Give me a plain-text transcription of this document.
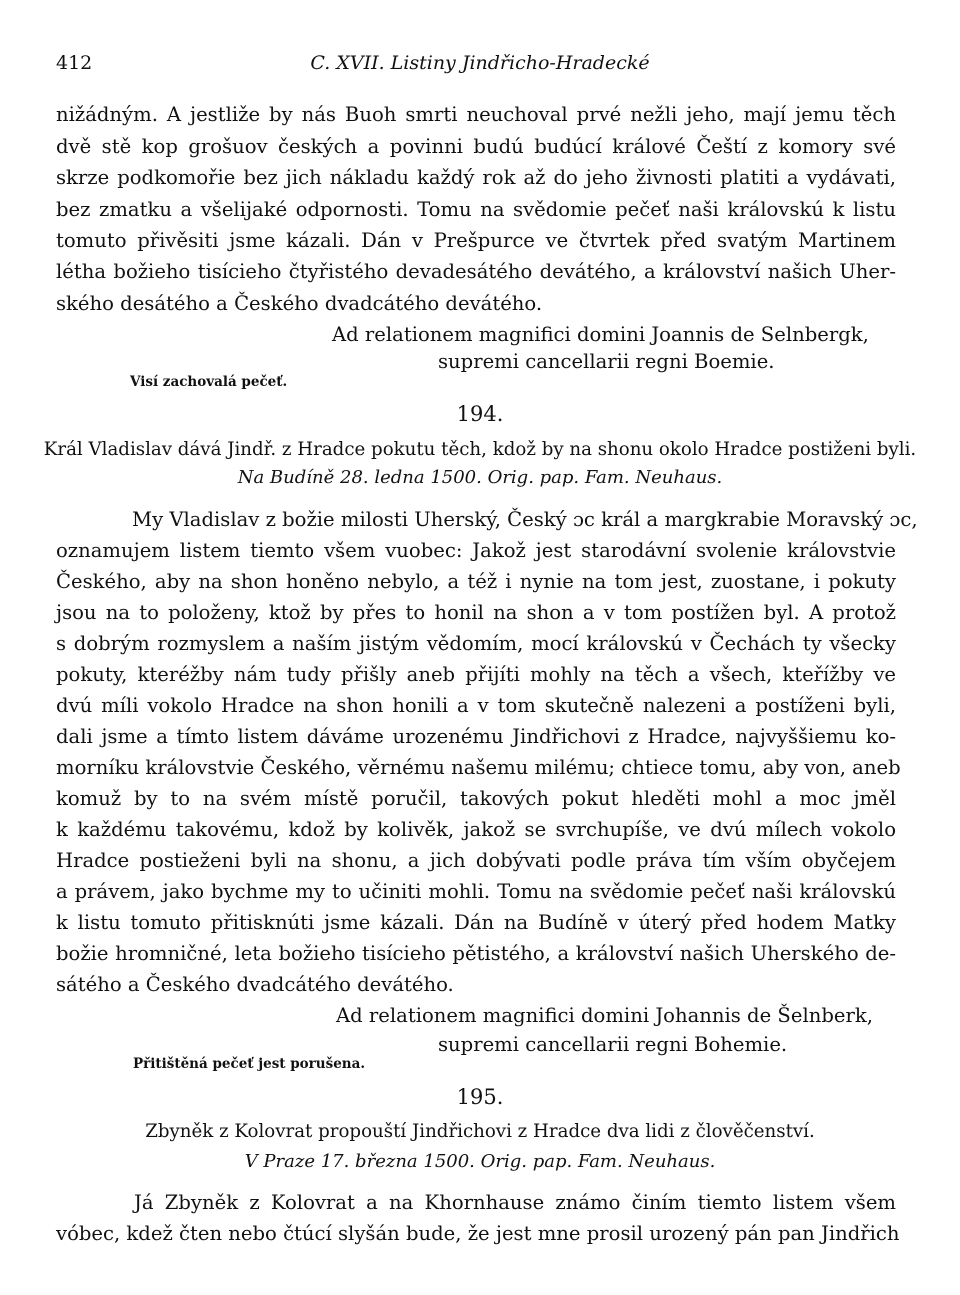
412	C. XVII. Listiny Jindřicho-Hradecké
nižádným. A jestliže by nás Buoh smrti neuchoval prvé nežli jeho, mají jemu těch
dvě stě kop grošuov českých a povinni budú budúcí králové Čeští z komory své
skrze podkomořie bez jich nákladu každý rok až do jeho živnosti platiti a vydávati,
bez zmatku a všelijaké odpornosti. Tomu na svědomie pečeť naši královskú k listu
tomuto přivěsiti jsme kázali. Dán v Prešpurce ve čtvrtek před svatým Martinem
létha božieho tisícieho čtyřistého devadesátého devátého, a království našich Uher-
ského desátého a Českého dvadcátého devátého.
Ad relationem magnifici domini Joannis de Selnbergk,
supremi cancellarii regni Boemie.
Visí zachovalá pečeť.
194.
Král Vladislav dává Jindř. z Hradce pokutu těch, kdož by na shonu okolo Hradce postiženi byli.
Na Budíně 28. ledna 1500. Orig. pap. Fam. Neuhaus.
My Vladislav z božie milosti Uherský, Český ɔc král a margkrabie Moravský ɔc,
oznamujem listem tiemto všem vuobec: Jakož jest starodávní svolenie královstvie
Českého, aby na shon honěno nebylo, a též i nynie na tom jest, zuostane, i pokuty
jsou na to položeny, ktož by přes to honil na shon a v tom postížen byl. A protož
s dobrým rozmyslem a naším jistým vědomím, mocí královskú v Čechách ty všecky
pokuty, kteréžby nám tudy přišly aneb přijíti mohly na těch a všech, kteřížby ve
dvú míli vokolo Hradce na shon honili a v tom skutečně nalezeni a postíženi byli,
dali jsme a tímto listem dáváme urozenému Jindřichovi z Hradce, najvyššiemu ko-
morníku královstvie Českého, věrnému našemu milému; chtiece tomu, aby von, aneb
komuž by to na svém místě poručil, takových pokut hleděti mohl a moc jměl
k každému takovému, kdož by kolivěk, jakož se svrchupíše, ve dvú mílech vokolo
Hradce postieženi byli na shonu, a jich dobývati podle práva tím vším obyčejem
a právem, jako bychme my to učiniti mohli. Tomu na svědomie pečeť naši královskú
k listu tomuto přitisknúti jsme kázali. Dán na Budíně v úterý před hodem Matky
božie hromničné, leta božieho tisícieho pětistého, a království našich Uherského de-
sátého a Českého dvadcátého devátého.
Ad relationem magnifici domini Johannis de Šelnberk,
supremi cancellarii regni Bohemie.
Přitištěná pečeť jest porušena.
195.
Zbyněk z Kolovrat propouští Jindřichovi z Hradce dva lidi z člověčenství.
V Praze 17. března 1500. Orig. pap. Fam. Neuhaus.
Já Zbyněk z Kolovrat a na Khornhause známo činím tiemto listem všem
vóbec, kdež čten nebo čtúcí slyšán bude, že jest mne prosil urozený pán pan Jindřich
